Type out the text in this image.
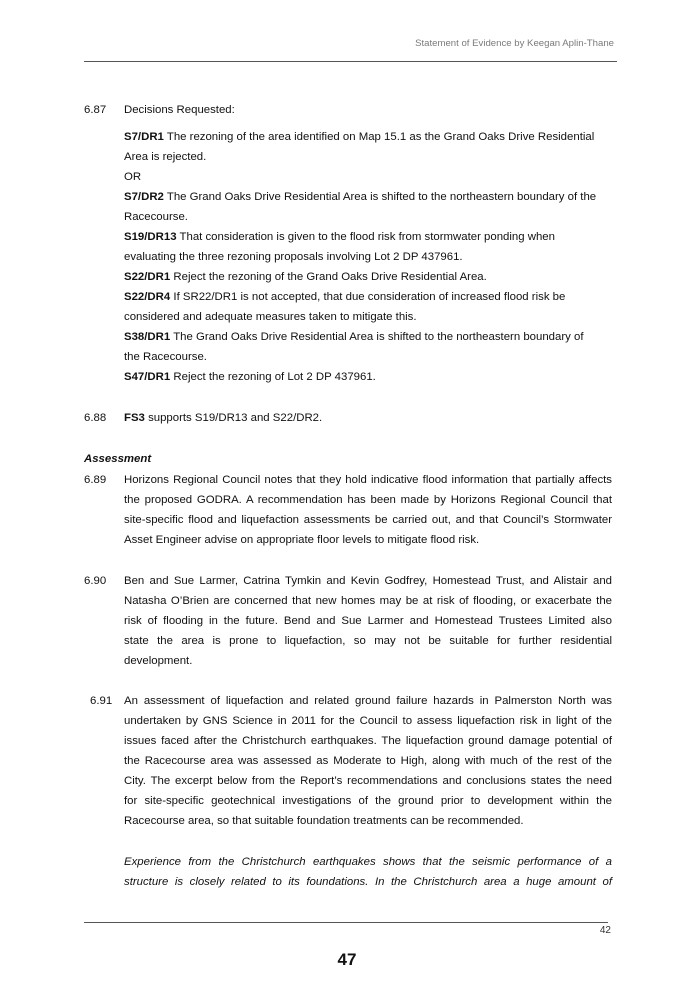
Statement of Evidence by Keegan Aplin-Thane
6.87 Decisions Requested:
S7/DR1 The rezoning of the area identified on Map 15.1 as the Grand Oaks Drive Residential
Area is rejected.
OR
S7/DR2 The Grand Oaks Drive Residential Area is shifted to the northeastern boundary of the
Racecourse.
S19/DR13 That consideration is given to the flood risk from stormwater ponding when
evaluating the three rezoning proposals involving Lot 2 DP 437961.
S22/DR1 Reject the rezoning of the Grand Oaks Drive Residential Area.
S22/DR4 If SR22/DR1 is not accepted, that due consideration of increased flood risk be
considered and adequate measures taken to mitigate this.
S38/DR1 The Grand Oaks Drive Residential Area is shifted to the northeastern boundary of
the Racecourse.
S47/DR1 Reject the rezoning of Lot 2 DP 437961.
6.88 FS3 supports S19/DR13 and S22/DR2.
Assessment
6.89 Horizons Regional Council notes that they hold indicative flood information that partially affects
the proposed GODRA. A recommendation has been made by Horizons Regional Council that
site-specific flood and liquefaction assessments be carried out, and that Council’s Stormwater
Asset Engineer advise on appropriate floor levels to mitigate flood risk.
6.90 Ben and Sue Larmer, Catrina Tymkin and Kevin Godfrey, Homestead Trust, and Alistair and
Natasha O’Brien are concerned that new homes may be at risk of flooding, or exacerbate the
risk of flooding in the future. Bend and Sue Larmer and Homestead Trustees Limited also
state the area is prone to liquefaction, so may not be suitable for further residential
development.
6.91 An assessment of liquefaction and related ground failure hazards in Palmerston North was
undertaken by GNS Science in 2011 for the Council to assess liquefaction risk in light of the
issues faced after the Christchurch earthquakes. The liquefaction ground damage potential of
the Racecourse area was assessed as Moderate to High, along with much of the rest of the
City. The excerpt below from the Report’s recommendations and conclusions states the need
for site-specific geotechnical investigations of the ground prior to development within the
Racecourse area, so that suitable foundation treatments can be recommended.
Experience from the Christchurch earthquakes shows that the seismic performance of a
structure is closely related to its foundations. In the Christchurch area a huge amount of
42
47
